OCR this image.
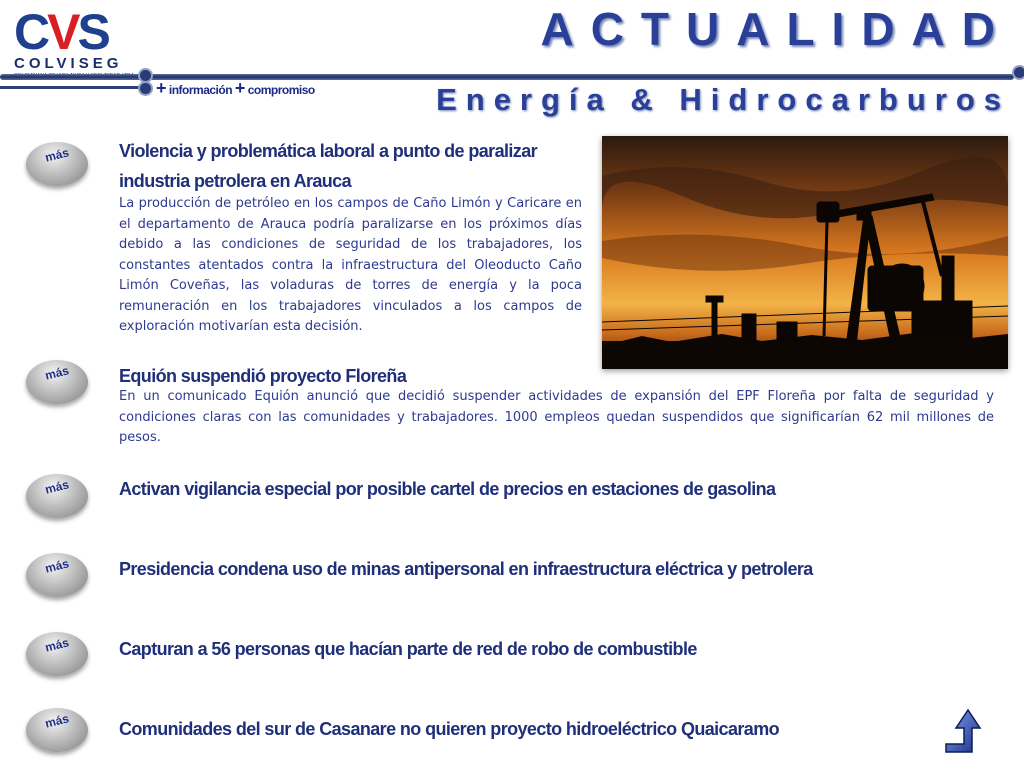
CVS
COLVISEG
+ información + compromiso
ACTUALIDAD
Energía & Hidrocarburos
más	Violencia y problemática laboral a punto de paralizar industria petrolera en Arauca

La producción de petróleo en los campos de Caño Limón y Caricare en el departamento de Arauca podría paralizarse en los próximos días debido a las condiciones de seguridad de los trabajadores, los constantes atentados contra la infraestructura del Oleoducto Caño Limón Coveñas, las voladuras de torres de energía y la poca remuneración en los trabajadores vinculados a los campos de exploración motivarían esta decisión.

más	Equión suspendió proyecto Floreña

En un comunicado Equión anunció que decidió suspender actividades de expansión del EPF Floreña por falta de seguridad y condiciones claras con las comunidades y trabajadores. 1000 empleos quedan suspendidos que significarían 62 mil millones de pesos.

más	Activan vigilancia especial por posible cartel de precios en estaciones de gasolina

más	Presidencia condena uso de minas antipersonal en infraestructura eléctrica y petrolera

más	Capturan a 56 personas que hacían parte de red de robo de combustible

más	Comunidades del sur de Casanare no quieren proyecto hidroeléctrico Quaicaramo
